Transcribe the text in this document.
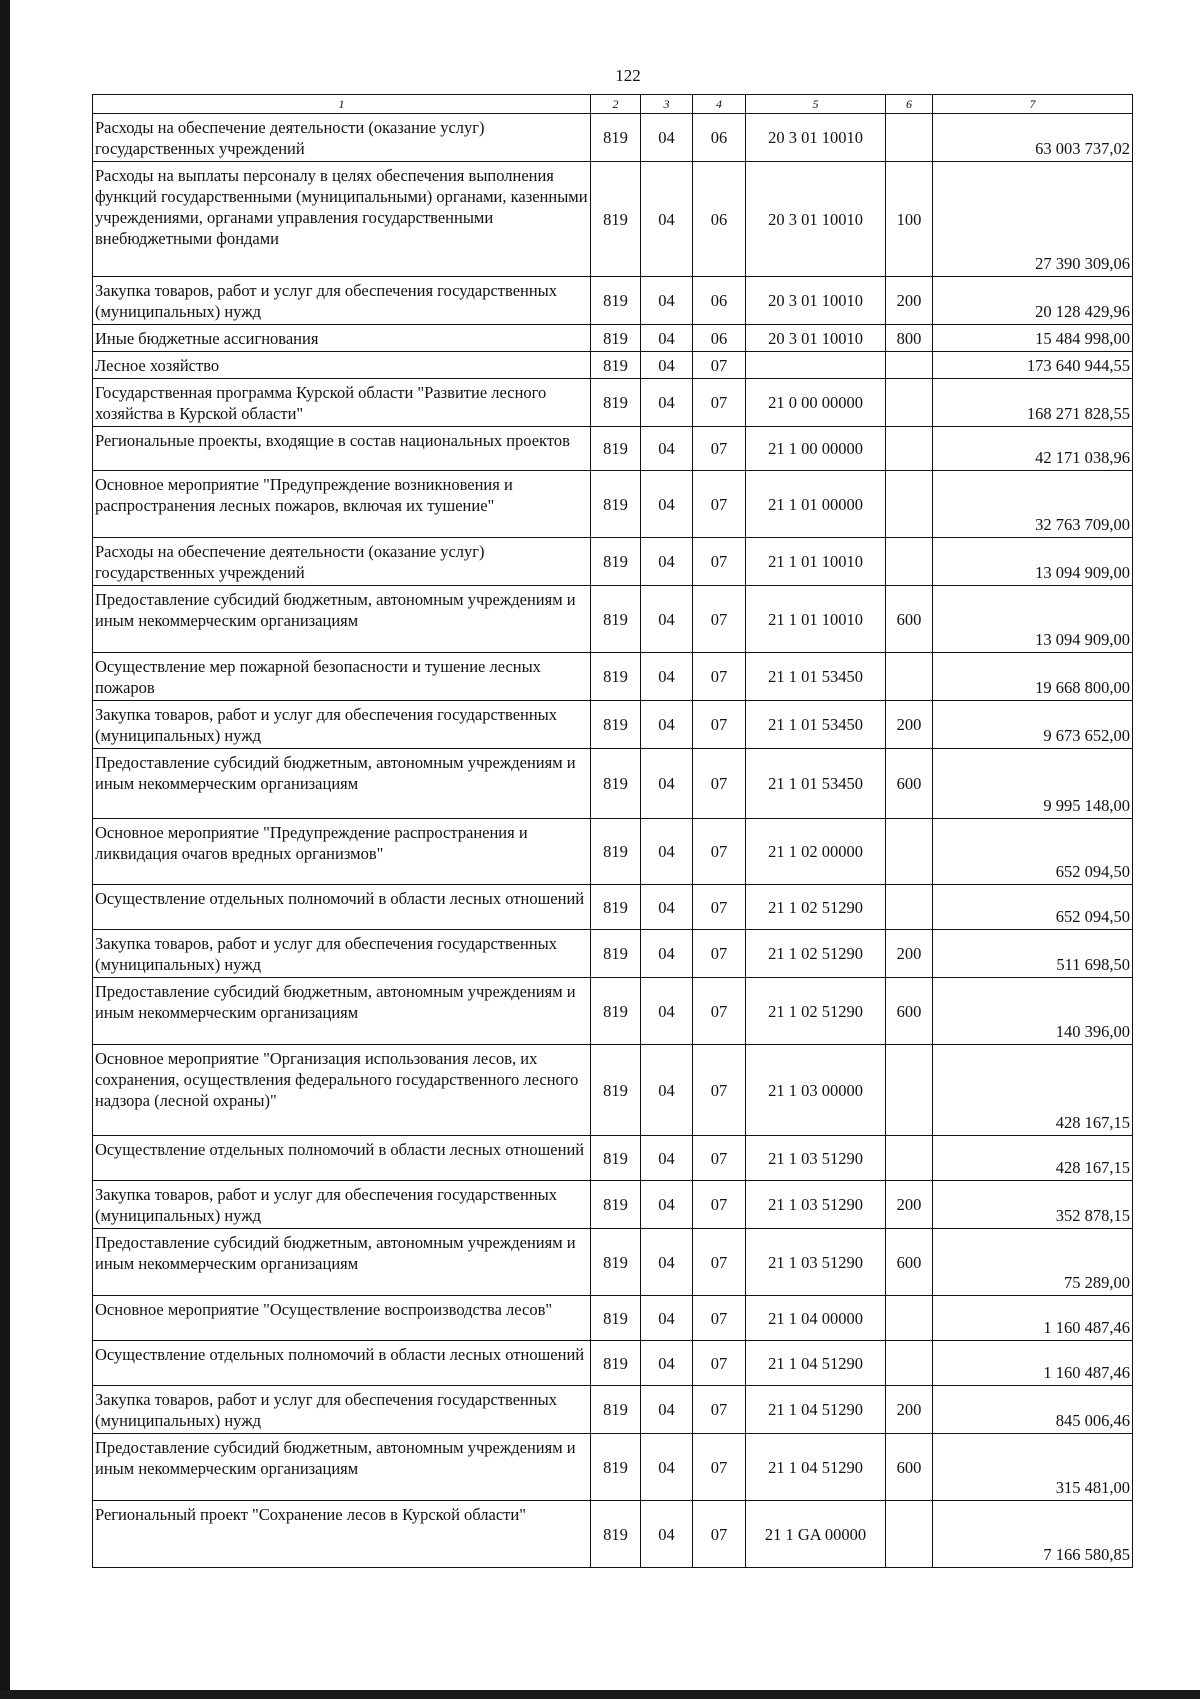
122
1	2	3	4	5	6	7
Расходы на обеспечение деятельности (оказание услуг) государственных учреждений	819	04	06	20 3 01 10010		63 003 737,02
Расходы на выплаты персоналу в целях обеспечения выполнения функций государственными (муниципальными) органами, казенными учреждениями, органами управления государственными внебюджетными фондами	819	04	06	20 3 01 10010	100	27 390 309,06
Закупка товаров, работ и услуг для обеспечения государственных (муниципальных) нужд	819	04	06	20 3 01 10010	200	20 128 429,96
Иные бюджетные ассигнования	819	04	06	20 3 01 10010	800	15 484 998,00
Лесное хозяйство	819	04	07			173 640 944,55
Государственная программа Курской области "Развитие лесного хозяйства в Курской области"	819	04	07	21 0 00 00000		168 271 828,55
Региональные проекты, входящие в состав национальных проектов	819	04	07	21 1 00 00000		42 171 038,96
Основное мероприятие "Предупреждение возникновения и распространения лесных пожаров, включая их тушение"	819	04	07	21 1 01 00000		32 763 709,00
Расходы на обеспечение деятельности (оказание услуг) государственных учреждений	819	04	07	21 1 01 10010		13 094 909,00
Предоставление субсидий бюджетным, автономным учреждениям и иным некоммерческим организациям	819	04	07	21 1 01 10010	600	13 094 909,00
Осуществление мер пожарной безопасности и тушение лесных пожаров	819	04	07	21 1 01 53450		19 668 800,00
Закупка товаров, работ и услуг для обеспечения государственных (муниципальных) нужд	819	04	07	21 1 01 53450	200	9 673 652,00
Предоставление субсидий бюджетным, автономным учреждениям и иным некоммерческим организациям	819	04	07	21 1 01 53450	600	9 995 148,00
Основное мероприятие "Предупреждение распространения и ликвидация очагов вредных организмов"	819	04	07	21 1 02 00000		652 094,50
Осуществление отдельных полномочий в области лесных отношений	819	04	07	21 1 02 51290		652 094,50
Закупка товаров, работ и услуг для обеспечения государственных (муниципальных) нужд	819	04	07	21 1 02 51290	200	511 698,50
Предоставление субсидий бюджетным, автономным учреждениям и иным некоммерческим организациям	819	04	07	21 1 02 51290	600	140 396,00
Основное мероприятие "Организация использования лесов, их сохранения, осуществления федерального государственного лесного надзора (лесной охраны)"	819	04	07	21 1 03 00000		428 167,15
Осуществление отдельных полномочий в области лесных отношений	819	04	07	21 1 03 51290		428 167,15
Закупка товаров, работ и услуг для обеспечения государственных (муниципальных) нужд	819	04	07	21 1 03 51290	200	352 878,15
Предоставление субсидий бюджетным, автономным учреждениям и иным некоммерческим организациям	819	04	07	21 1 03 51290	600	75 289,00
Основное мероприятие "Осуществление воспроизводства лесов"	819	04	07	21 1 04 00000		1 160 487,46
Осуществление отдельных полномочий в области лесных отношений	819	04	07	21 1 04 51290		1 160 487,46
Закупка товаров, работ и услуг для обеспечения государственных (муниципальных) нужд	819	04	07	21 1 04 51290	200	845 006,46
Предоставление субсидий бюджетным, автономным учреждениям и иным некоммерческим организациям	819	04	07	21 1 04 51290	600	315 481,00
Региональный проект "Сохранение лесов в Курской области"	819	04	07	21 1 GA 00000		7 166 580,85
